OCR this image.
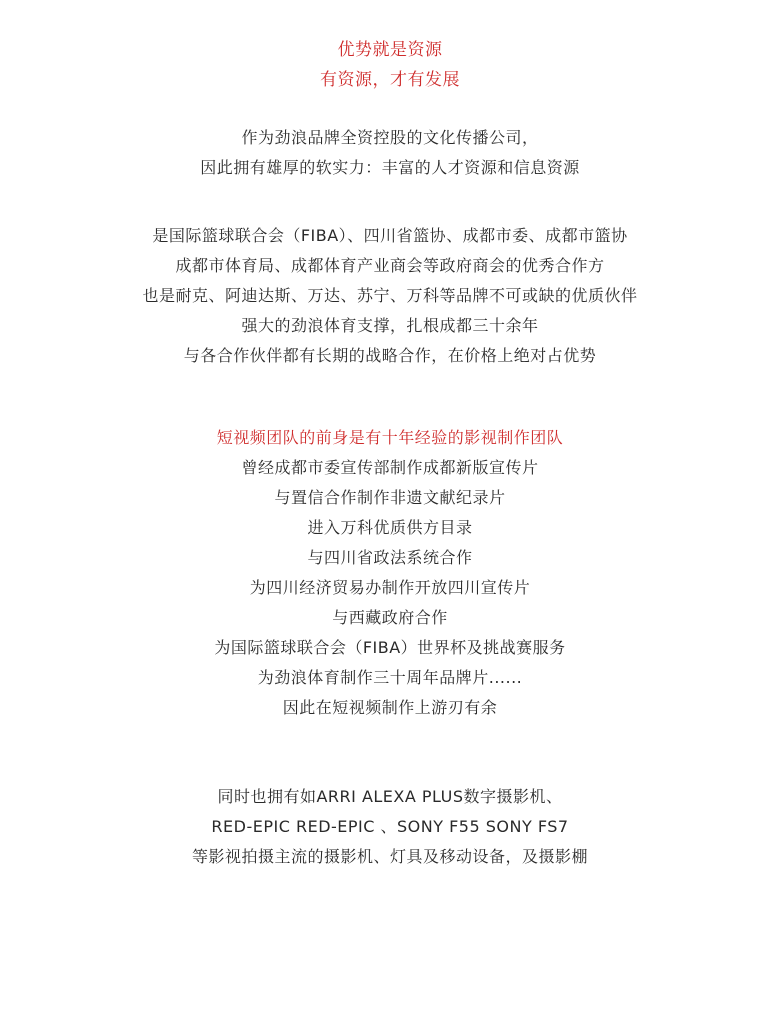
优势就是资源
有资源，才有发展
作为劲浪品牌全资控股的文化传播公司，
因此拥有雄厚的软实力：丰富的人才资源和信息资源
是国际篮球联合会（FIBA）、四川省篮协、成都市委、成都市篮协
成都市体育局、成都体育产业商会等政府商会的优秀合作方
也是耐克、阿迪达斯、万达、苏宁、万科等品牌不可或缺的优质伙伴
强大的劲浪体育支撑，扎根成都三十余年
与各合作伙伴都有长期的战略合作，在价格上绝对占优势
短视频团队的前身是有十年经验的影视制作团队
曾经成都市委宣传部制作成都新版宣传片
与置信合作制作非遗文献纪录片
进入万科优质供方目录
与四川省政法系统合作
为四川经济贸易办制作开放四川宣传片
与西藏政府合作
为国际篮球联合会（FIBA）世界杯及挑战赛服务
为劲浪体育制作三十周年品牌片......
因此在短视频制作上游刃有余
同时也拥有如ARRI ALEXA PLUS数字摄影机、
RED-EPIC RED-EPIC 、SONY F55 SONY FS7
等影视拍摄主流的摄影机、灯具及移动设备，及摄影棚
